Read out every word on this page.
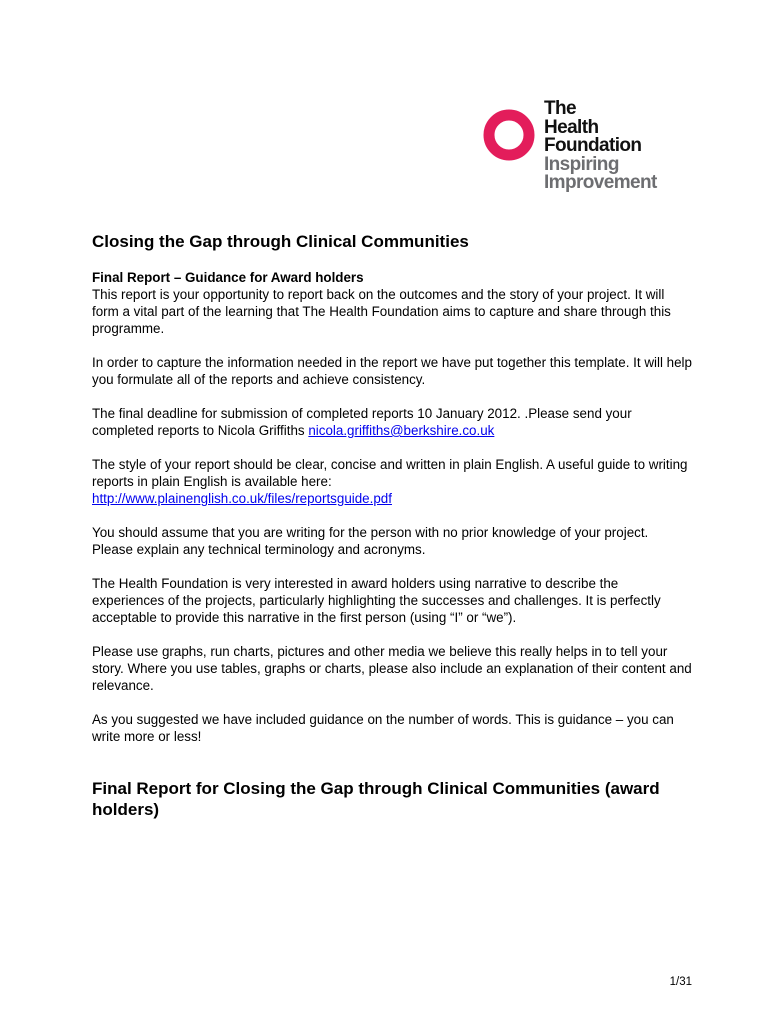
The
Health
Foundation
Inspiring
Improvement
Closing the Gap through Clinical Communities
Final Report – Guidance for Award holders

This report is your opportunity to report back on the outcomes and the story of your project. It will form a vital part of the learning that The Health Foundation aims to capture and share through this programme.

In order to capture the information needed in the report we have put together this template. It will help you formulate all of the reports and achieve consistency.

The final deadline for submission of completed reports 10 January 2012. .Please send your completed reports to Nicola Griffiths nicola.griffiths@berkshire.co.uk

The style of your report should be clear, concise and written in plain English. A useful guide to writing reports in plain English is available here:
http://www.plainenglish.co.uk/files/reportsguide.pdf

You should assume that you are writing for the person with no prior knowledge of your project. Please explain any technical terminology and acronyms.

The Health Foundation is very interested in award holders using narrative to describe the experiences of the projects, particularly highlighting the successes and challenges. It is perfectly acceptable to provide this narrative in the first person (using “I” or “we”).

Please use graphs, run charts, pictures and other media we believe this really helps in to tell your story. Where you use tables, graphs or charts, please also include an explanation of their content and relevance.

As you suggested we have included guidance on the number of words. This is guidance – you can write more or less!

Final Report for Closing the Gap through Clinical Communities (award holders)
1/31
